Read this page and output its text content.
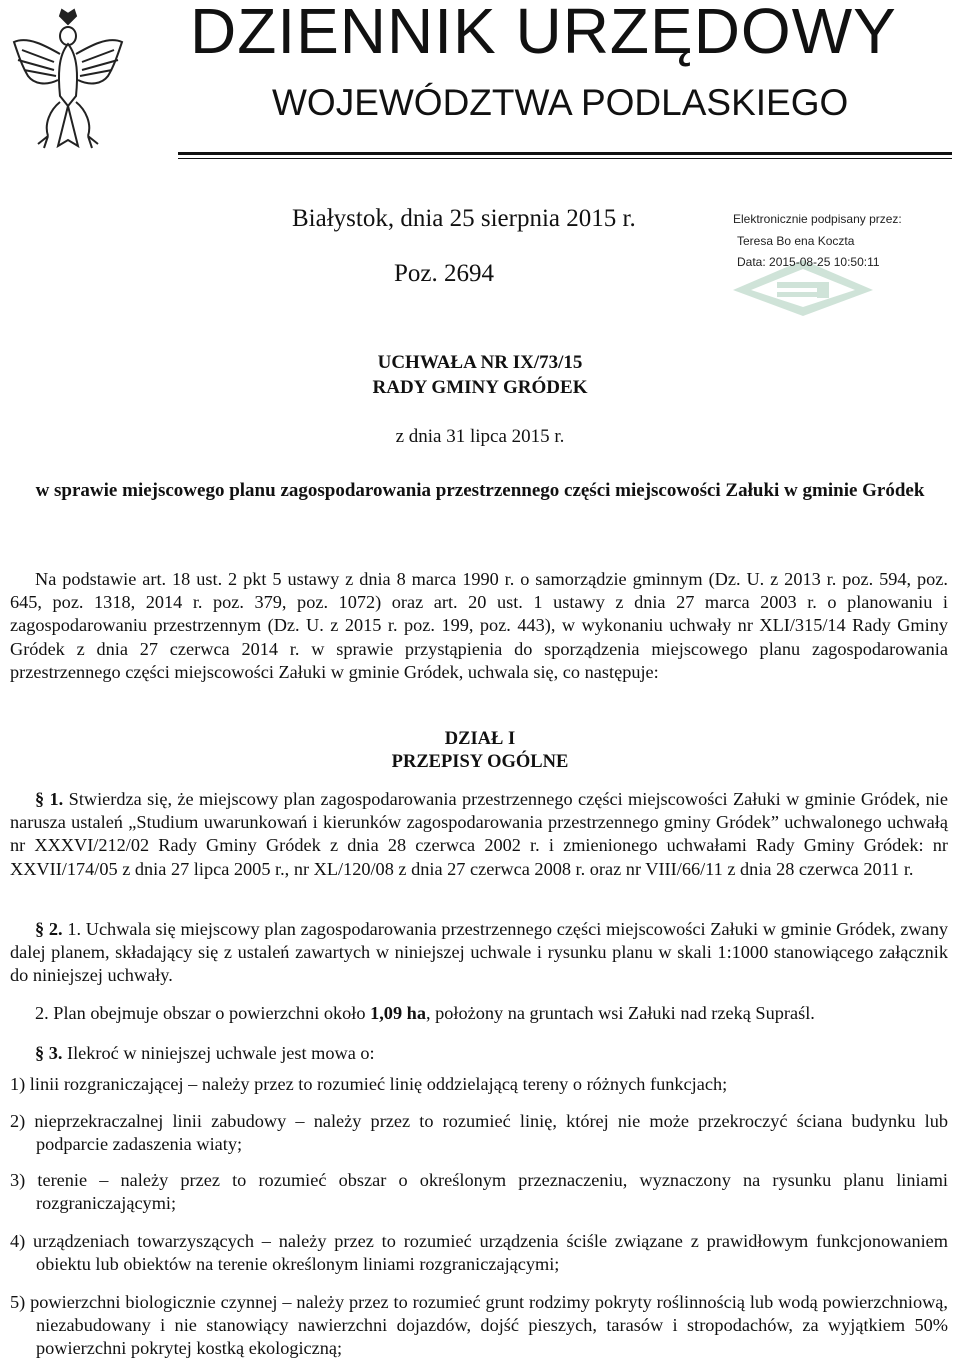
DZIENNIK URZĘDOWY
WOJEWÓDZTWA PODLASKIEGO
Białystok, dnia 25 sierpnia 2015 r.
Poz. 2694
Elektronicznie podpisany przez:
Teresa Bo ena Koczta
Data: 2015-08-25 10:50:11
UCHWAŁA NR IX/73/15
RADY GMINY GRÓDEK
z dnia 31 lipca 2015 r.
w sprawie miejscowego planu zagospodarowania przestrzennego części miejscowości Załuki w gminie Gródek
Na podstawie art. 18 ust. 2 pkt 5 ustawy z dnia 8 marca 1990 r. o samorządzie gminnym (Dz. U. z 2013 r. poz. 594, poz. 645, poz. 1318, 2014 r. poz. 379, poz. 1072) oraz art. 20 ust. 1 ustawy z dnia 27 marca 2003 r. o planowaniu i zagospodarowaniu przestrzennym (Dz. U. z 2015 r. poz. 199, poz. 443), w wykonaniu uchwały nr XLI/315/14 Rady Gminy Gródek z dnia 27 czerwca 2014 r. w sprawie przystąpienia do sporządzenia miejscowego planu zagospodarowania przestrzennego części miejscowości Załuki w gminie Gródek, uchwala się, co następuje:
DZIAŁ I
PRZEPISY OGÓLNE
§ 1. Stwierdza się, że miejscowy plan zagospodarowania przestrzennego części miejscowości Załuki w gminie Gródek, nie narusza ustaleń „Studium uwarunkowań i kierunków zagospodarowania przestrzennego gminy Gródek” uchwalonego uchwałą nr XXXVI/212/02 Rady Gminy Gródek z dnia 28 czerwca 2002 r. i zmienionego uchwałami Rady Gminy Gródek: nr XXVII/174/05 z dnia 27 lipca 2005 r., nr XL/120/08 z dnia 27 czerwca 2008 r. oraz nr VIII/66/11 z dnia 28 czerwca 2011 r.
§ 2. 1. Uchwala się miejscowy plan zagospodarowania przestrzennego części miejscowości Załuki w gminie Gródek, zwany dalej planem, składający się z ustaleń zawartych w niniejszej uchwale i rysunku planu w skali 1:1000 stanowiącego załącznik do niniejszej uchwały.
2. Plan obejmuje obszar o powierzchni około 1,09 ha, położony na gruntach wsi Załuki nad rzeką Supraśl.
§ 3. Ilekroć w niniejszej uchwale jest mowa o:
1) linii rozgraniczającej – należy przez to rozumieć linię oddzielającą tereny o różnych funkcjach;
2) nieprzekraczalnej linii zabudowy – należy przez to rozumieć linię, której nie może przekroczyć ściana budynku lub podparcie zadaszenia wiaty;
3) terenie – należy przez to rozumieć obszar o określonym przeznaczeniu, wyznaczony na rysunku planu liniami rozgraniczającymi;
4) urządzeniach towarzyszących – należy przez to rozumieć urządzenia ściśle związane z prawidłowym funkcjonowaniem obiektu lub obiektów na terenie określonym liniami rozgraniczającymi;
5) powierzchni biologicznie czynnej – należy przez to rozumieć grunt rodzimy pokryty roślinnością lub wodą powierzchniową, niezabudowany i nie stanowiący nawierzchni dojazdów, dojść pieszych, tarasów i stropodachów, za wyjątkiem 50% powierzchni pokrytej kostką ekologiczną;
